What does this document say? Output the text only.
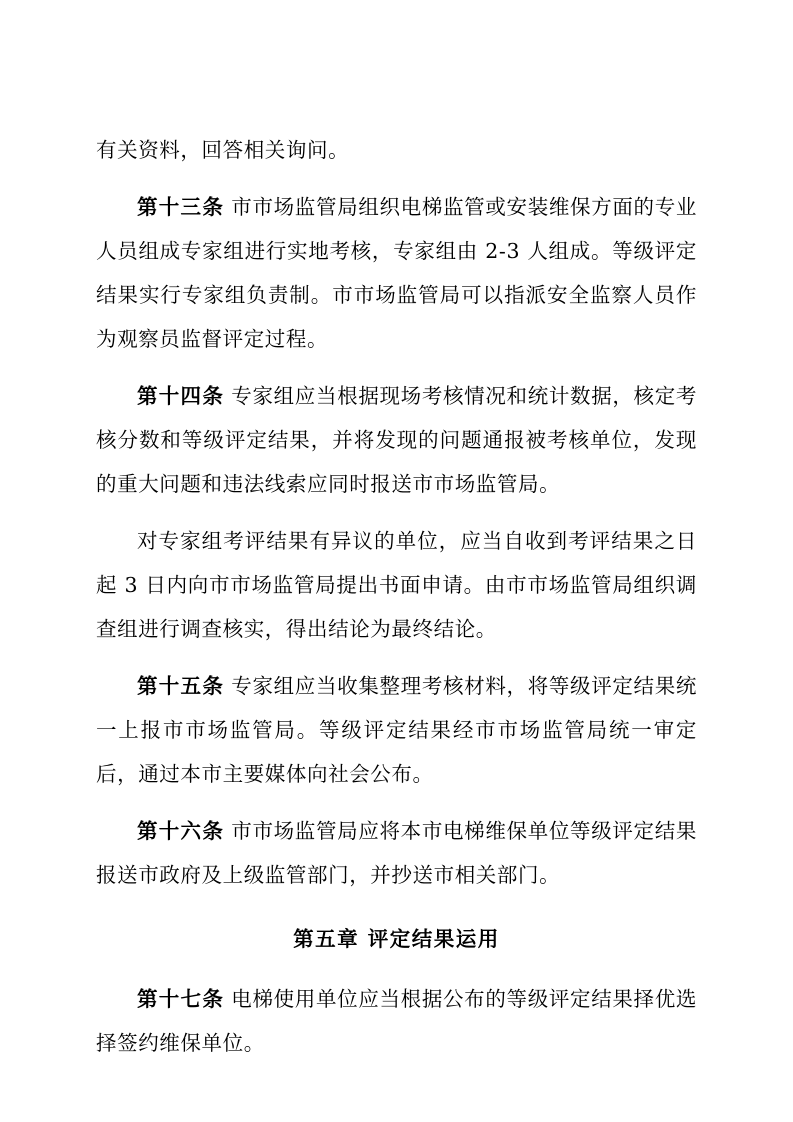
有关资料，回答相关询问。

第十三条 市市场监管局组织电梯监管或安装维保方面的专业人员组成专家组进行实地考核，专家组由 2-3 人组成。等级评定结果实行专家组负责制。市市场监管局可以指派安全监察人员作为观察员监督评定过程。

第十四条 专家组应当根据现场考核情况和统计数据，核定考核分数和等级评定结果，并将发现的问题通报被考核单位，发现的重大问题和违法线索应同时报送市市场监管局。

对专家组考评结果有异议的单位，应当自收到考评结果之日起 3 日内向市市场监管局提出书面申请。由市市场监管局组织调查组进行调查核实，得出结论为最终结论。

第十五条 专家组应当收集整理考核材料，将等级评定结果统一上报市市场监管局。等级评定结果经市市场监管局统一审定后，通过本市主要媒体向社会公布。

第十六条 市市场监管局应将本市电梯维保单位等级评定结果报送市政府及上级监管部门，并抄送市相关部门。

第五章 评定结果运用

第十七条 电梯使用单位应当根据公布的等级评定结果择优选择签约维保单位。
